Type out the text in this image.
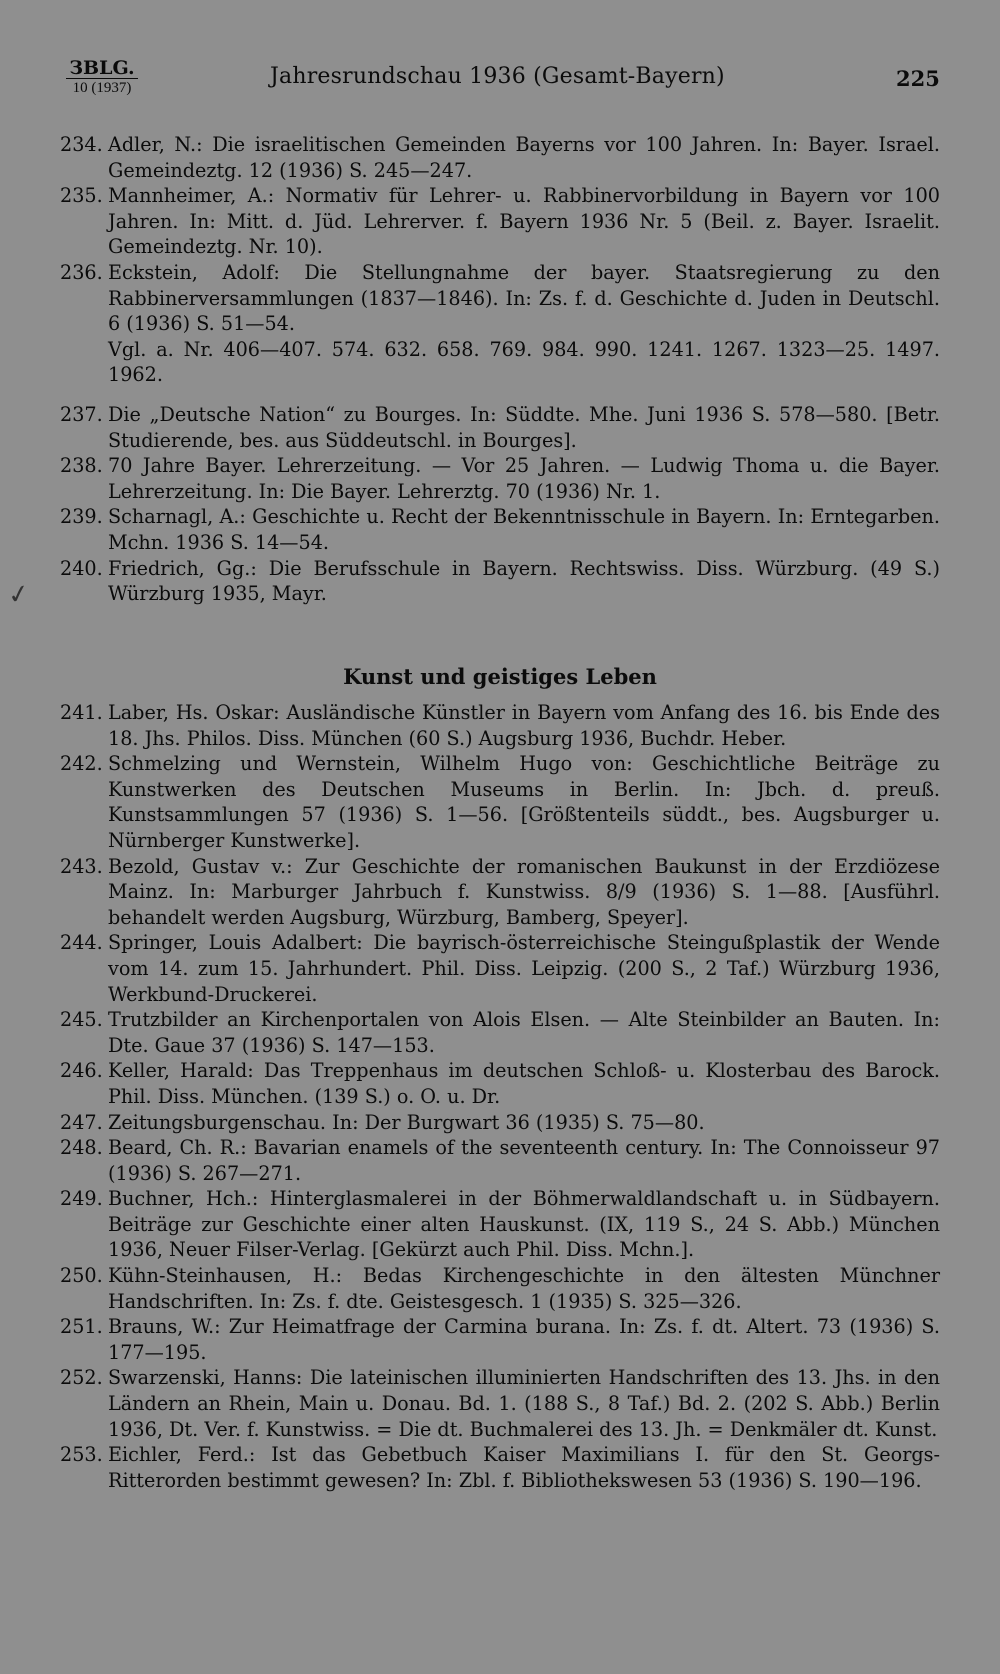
ЗBLG.
10 (1937)	Jahresrundschau 1936 (Gesamt-Bayern)	225
✓
234. Adler, N.: Die israelitischen Gemeinden Bayerns vor 100 Jahren. In: Bayer. Israel. Gemeindeztg. 12 (1936) S. 245—247.
235. Mannheimer, A.: Normativ für Lehrer- u. Rabbinervorbildung in Bayern vor 100 Jahren. In: Mitt. d. Jüd. Lehrerver. f. Bayern 1936 Nr. 5 (Beil. z. Bayer. Israelit. Gemeindeztg. Nr. 10).
236. Eckstein, Adolf: Die Stellungnahme der bayer. Staatsregierung zu den Rabbinerversammlungen (1837—1846). In: Zs. f. d. Geschichte d. Juden in Deutschl. 6 (1936) S. 51—54.
Vgl. a. Nr. 406—407. 574. 632. 658. 769. 984. 990. 1241. 1267. 1323—25. 1497. 1962.
237. Die „Deutsche Nation“ zu Bourges. In: Süddte. Mhe. Juni 1936 S. 578—580. [Betr. Studierende, bes. aus Süddeutschl. in Bourges].
238. 70 Jahre Bayer. Lehrerzeitung. — Vor 25 Jahren. — Ludwig Thoma u. die Bayer. Lehrerzeitung. In: Die Bayer. Lehrerztg. 70 (1936) Nr. 1.
239. Scharnagl, A.: Geschichte u. Recht der Bekenntnisschule in Bayern. In: Erntegarben. Mchn. 1936 S. 14—54.
240. Friedrich, Gg.: Die Berufsschule in Bayern. Rechtswiss. Diss. Würzburg. (49 S.) Würzburg 1935, Mayr.
Kunst und geistiges Leben
241. Laber, Hs. Oskar: Ausländische Künstler in Bayern vom Anfang des 16. bis Ende des 18. Jhs. Philos. Diss. München (60 S.) Augsburg 1936, Buchdr. Heber.
242. Schmelzing und Wernstein, Wilhelm Hugo von: Geschichtliche Beiträge zu Kunstwerken des Deutschen Museums in Berlin. In: Jbch. d. preuß. Kunstsammlungen 57 (1936) S. 1—56. [Größtenteils süddt., bes. Augsburger u. Nürnberger Kunstwerke].
243. Bezold, Gustav v.: Zur Geschichte der romanischen Baukunst in der Erzdiözese Mainz. In: Marburger Jahrbuch f. Kunstwiss. 8/9 (1936) S. 1—88. [Ausführl. behandelt werden Augsburg, Würzburg, Bamberg, Speyer].
244. Springer, Louis Adalbert: Die bayrisch-österreichische Steingußplastik der Wende vom 14. zum 15. Jahrhundert. Phil. Diss. Leipzig. (200 S., 2 Taf.) Würzburg 1936, Werkbund-Druckerei.
245. Trutzbilder an Kirchenportalen von Alois Elsen. — Alte Steinbilder an Bauten. In: Dte. Gaue 37 (1936) S. 147—153.
246. Keller, Harald: Das Treppenhaus im deutschen Schloß- u. Klosterbau des Barock. Phil. Diss. München. (139 S.) o. O. u. Dr.
247. Zeitungsburgenschau. In: Der Burgwart 36 (1935) S. 75—80.
248. Beard, Ch. R.: Bavarian enamels of the seventeenth century. In: The Connoisseur 97 (1936) S. 267—271.
249. Buchner, Hch.: Hinterglasmalerei in der Böhmerwaldlandschaft u. in Südbayern. Beiträge zur Geschichte einer alten Hauskunst. (IX, 119 S., 24 S. Abb.) München 1936, Neuer Filser-Verlag. [Gekürzt auch Phil. Diss. Mchn.].
250. Kühn-Steinhausen, H.: Bedas Kirchengeschichte in den ältesten Münchner Handschriften. In: Zs. f. dte. Geistesgesch. 1 (1935) S. 325—326.
251. Brauns, W.: Zur Heimatfrage der Carmina burana. In: Zs. f. dt. Altert. 73 (1936) S. 177—195.
252. Swarzenski, Hanns: Die lateinischen illuminierten Handschriften des 13. Jhs. in den Ländern an Rhein, Main u. Donau. Bd. 1. (188 S., 8 Taf.) Bd. 2. (202 S. Abb.) Berlin 1936, Dt. Ver. f. Kunstwiss. = Die dt. Buchmalerei des 13. Jh. = Denkmäler dt. Kunst.
253. Eichler, Ferd.: Ist das Gebetbuch Kaiser Maximilians I. für den St. Georgs-Ritterorden bestimmt gewesen? In: Zbl. f. Bibliothekswesen 53 (1936) S. 190—196.
